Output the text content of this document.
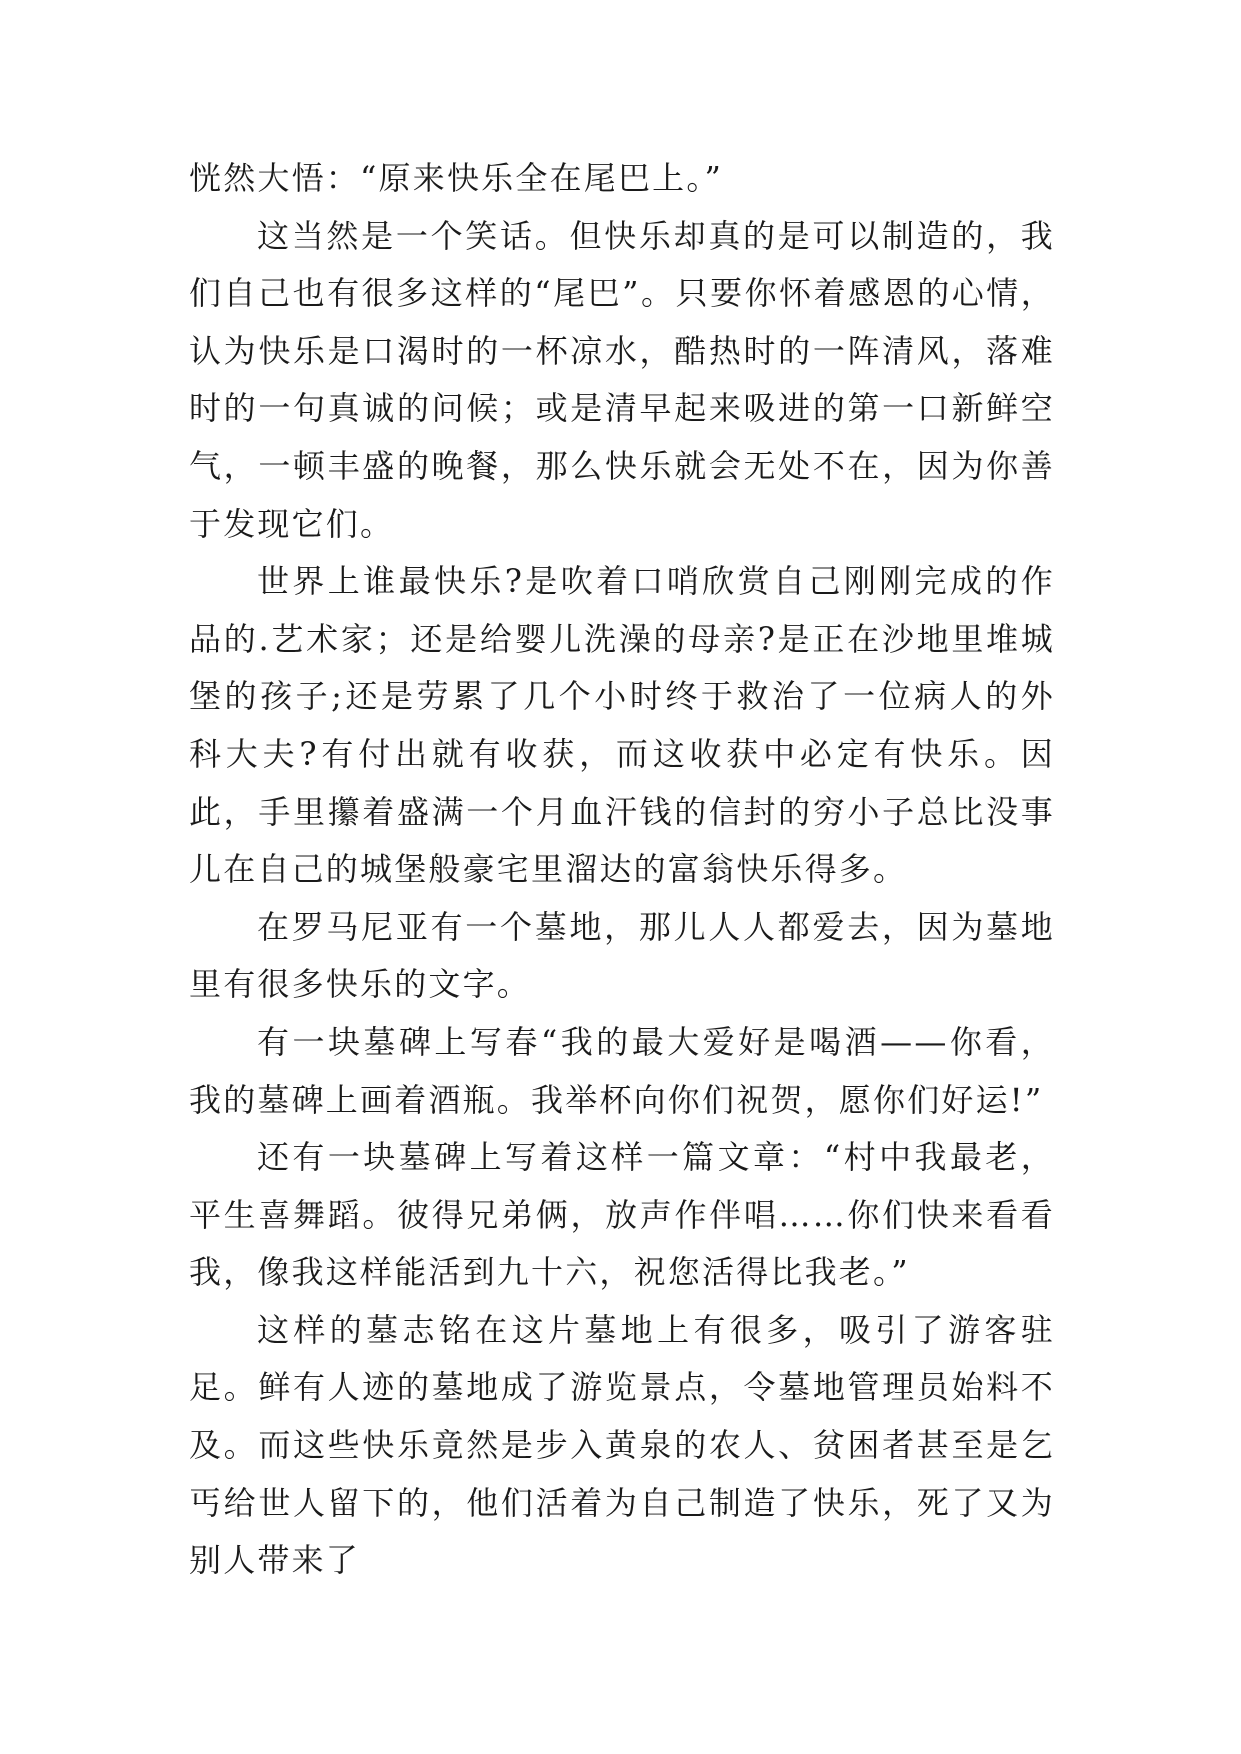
恍然大悟：“原来快乐全在尾巴上。”

这当然是一个笑话。但快乐却真的是可以制造的，我们自己也有很多这样的“尾巴”。只要你怀着感恩的心情，认为快乐是口渴时的一杯凉水，酷热时的一阵清风，落难时的一句真诚的问候；或是清早起来吸进的第一口新鲜空气，一顿丰盛的晚餐，那么快乐就会无处不在，因为你善于发现它们。

世界上谁最快乐?是吹着口哨欣赏自己刚刚完成的作品的.艺术家；还是给婴儿洗澡的母亲?是正在沙地里堆城堡的孩子;还是劳累了几个小时终于救治了一位病人的外科大夫?有付出就有收获，而这收获中必定有快乐。因此，手里攥着盛满一个月血汗钱的信封的穷小子总比没事儿在自己的城堡般豪宅里溜达的富翁快乐得多。

在罗马尼亚有一个墓地，那儿人人都爱去，因为墓地里有很多快乐的文字。

有一块墓碑上写春“我的最大爱好是喝酒——你看，我的墓碑上画着酒瓶。我举杯向你们祝贺，愿你们好运!”

还有一块墓碑上写着这样一篇文章：“村中我最老，平生喜舞蹈。彼得兄弟俩，放声作伴唱……你们快来看看我，像我这样能活到九十六，祝您活得比我老。”

这样的墓志铭在这片墓地上有很多，吸引了游客驻足。鲜有人迹的墓地成了游览景点，令墓地管理员始料不及。而这些快乐竟然是步入黄泉的农人、贫困者甚至是乞丐给世人留下的，他们活着为自己制造了快乐，死了又为别人带来了
